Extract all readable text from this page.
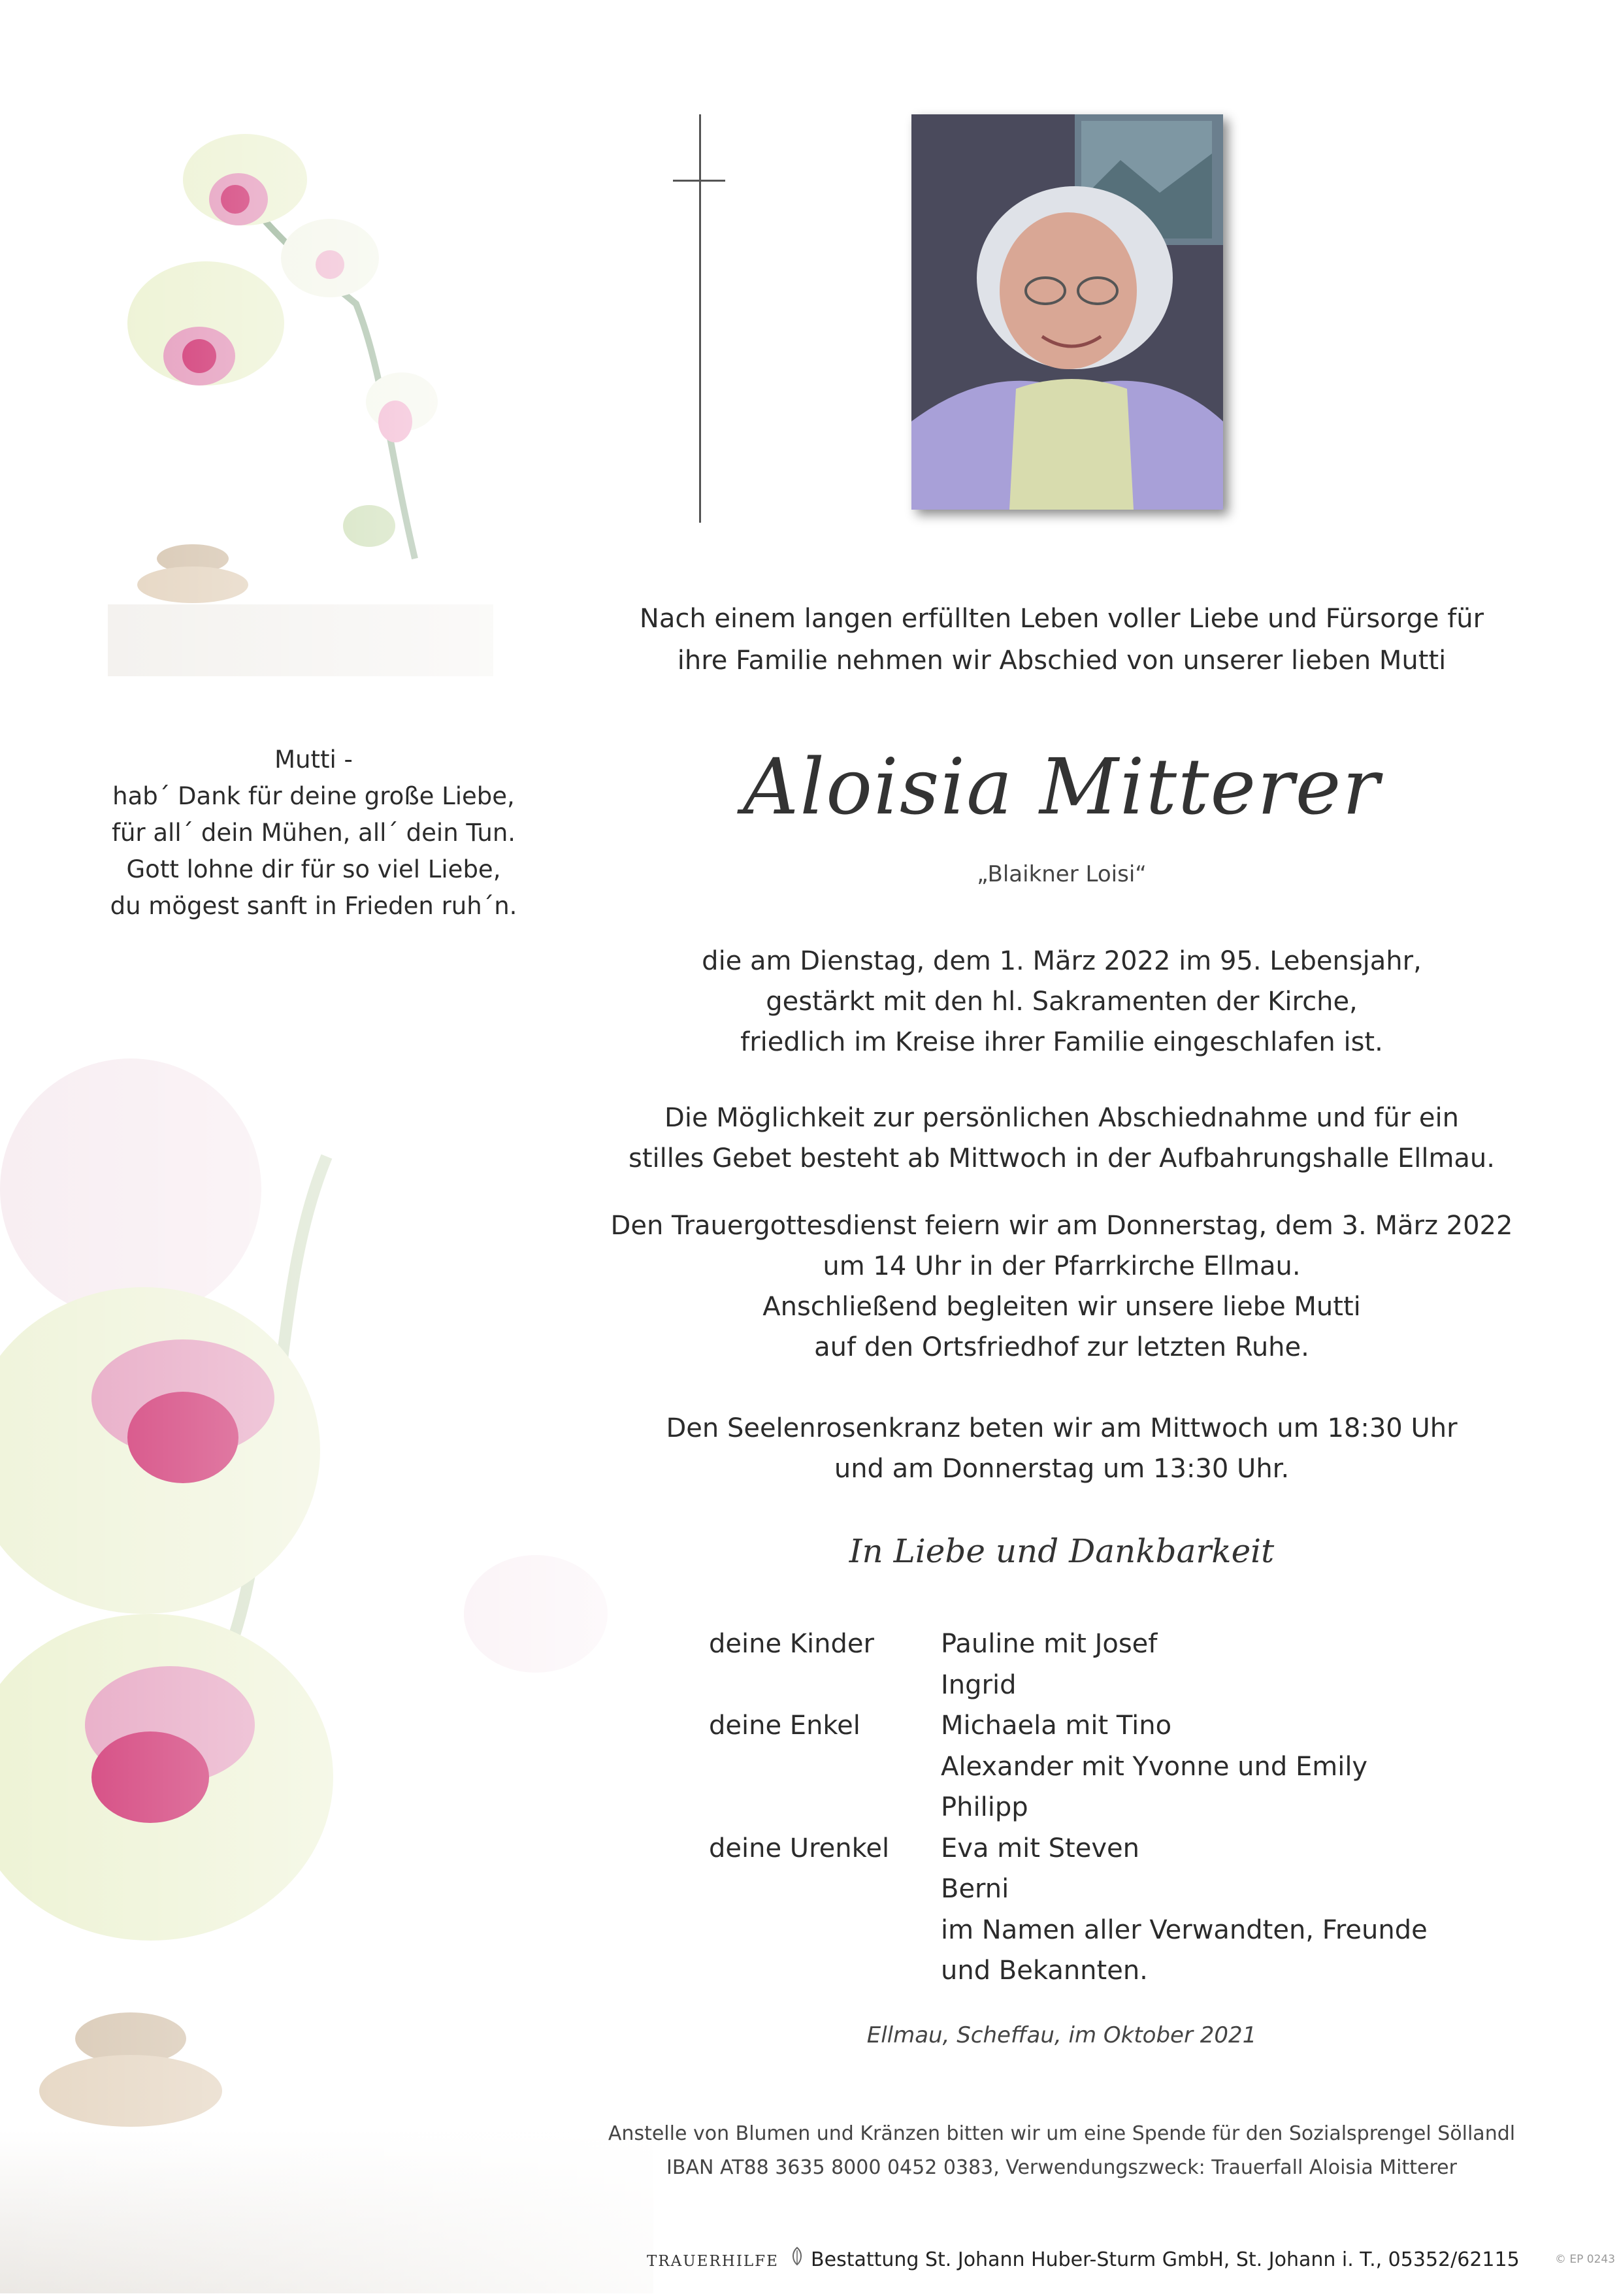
Nach einem langen erfüllten Leben voller Liebe und Fürsorge für
ihre Familie nehmen wir Abschied von unserer lieben Mutti
Aloisia Mitterer
„Blaikner Loisi“
Mutti -
hab´ Dank für deine große Liebe,
für all´ dein Mühen, all´ dein Tun.
Gott lohne dir für so viel Liebe,
du mögest sanft in Frieden ruh´n.
die am Dienstag, dem 1. März 2022 im 95. Lebensjahr,
gestärkt mit den hl. Sakramenten der Kirche,
friedlich im Kreise ihrer Familie eingeschlafen ist.
Die Möglichkeit zur persönlichen Abschiednahme und für ein
stilles Gebet besteht ab Mittwoch in der Aufbahrungshalle Ellmau.
Den Trauergottesdienst feiern wir am Donnerstag, dem 3. März 2022
um 14 Uhr in der Pfarrkirche Ellmau.
Anschließend begleiten wir unsere liebe Mutti
auf den Ortsfriedhof zur letzten Ruhe.
Den Seelenrosenkranz beten wir am Mittwoch um 18:30 Uhr
und am Donnerstag um 13:30 Uhr.
In Liebe und Dankbarkeit
deine Kinder	Pauline mit Josef
Ingrid
deine Enkel	Michaela mit Tino
Alexander mit Yvonne und Emily
Philipp
deine Urenkel	Eva mit Steven
Berni
im Namen aller Verwandten, Freunde
und Bekannten.
Ellmau, Scheffau, im Oktober 2021
Anstelle von Blumen und Kränzen bitten wir um eine Spende für den Sozialsprengel Söllandl
IBAN AT88 3635 8000 0452 0383, Verwendungszweck: Trauerfall Aloisia Mitterer
TRAUERHILFE Bestattung St. Johann Huber-Sturm GmbH, St. Johann i. T., 05352/62115	© EP 0243
